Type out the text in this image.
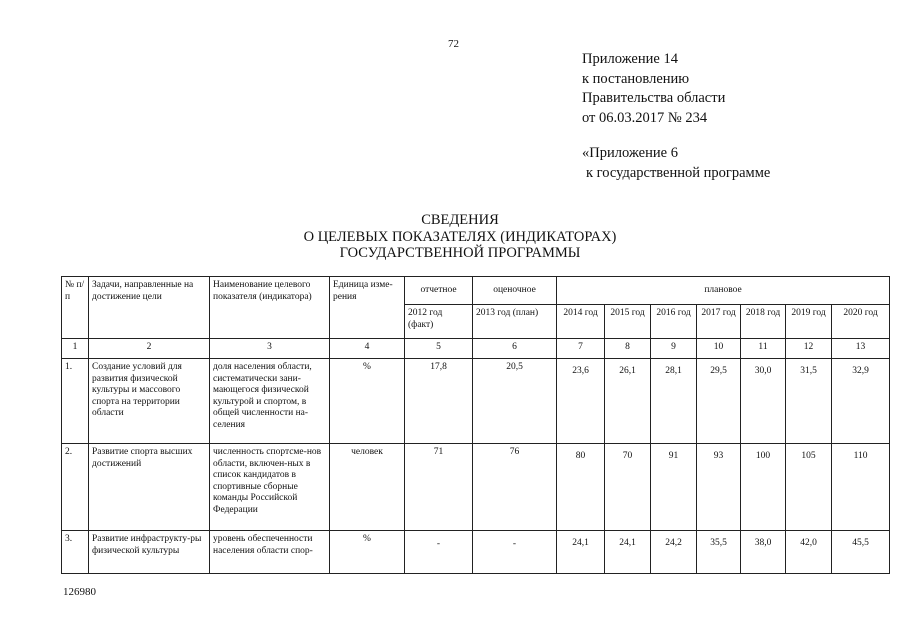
72
Приложение 14
к постановлению
Правительства области
от 06.03.2017 № 234
«Приложение 6
к государственной программе
СВЕДЕНИЯ
О ЦЕЛЕВЫХ ПОКАЗАТЕЛЯХ (ИНДИКАТОРАХ)
ГОСУДАРСТВЕННОЙ ПРОГРАММЫ
№ п/п	Задачи, направленные на достижение цели	Наименование целевого показателя (индикатора)	Единица изме-рения	отчетное	оценочное	плановое						
				2012 год (факт)	2013 год (план)	2014 год	2015 год	2016 год	2017 год	2018 год	2019 год	2020 год
1	2	3	4	5	6	7	8	9	10	11	12	13
1.	Создание условий для развития физической культуры и массового спорта на территории области	доля населения области, систематически зани-мающегося физической культурой и спортом, в общей численности на-селения	%	17,8	20,5	23,6	26,1	28,1	29,5	30,0	31,5	32,9
2.	Развитие спорта высших достижений	численность спортсме-нов области, включен-ных в список кандидатов в спортивные сборные команды Российской Федерации	человек	71	76	80	70	91	93	100	105	110
3.	Развитие инфраструкту-ры физической культуры	уровень обеспеченности населения области спор-	%	-	-	24,1	24,1	24,2	35,5	38,0	42,0	45,5
126980
